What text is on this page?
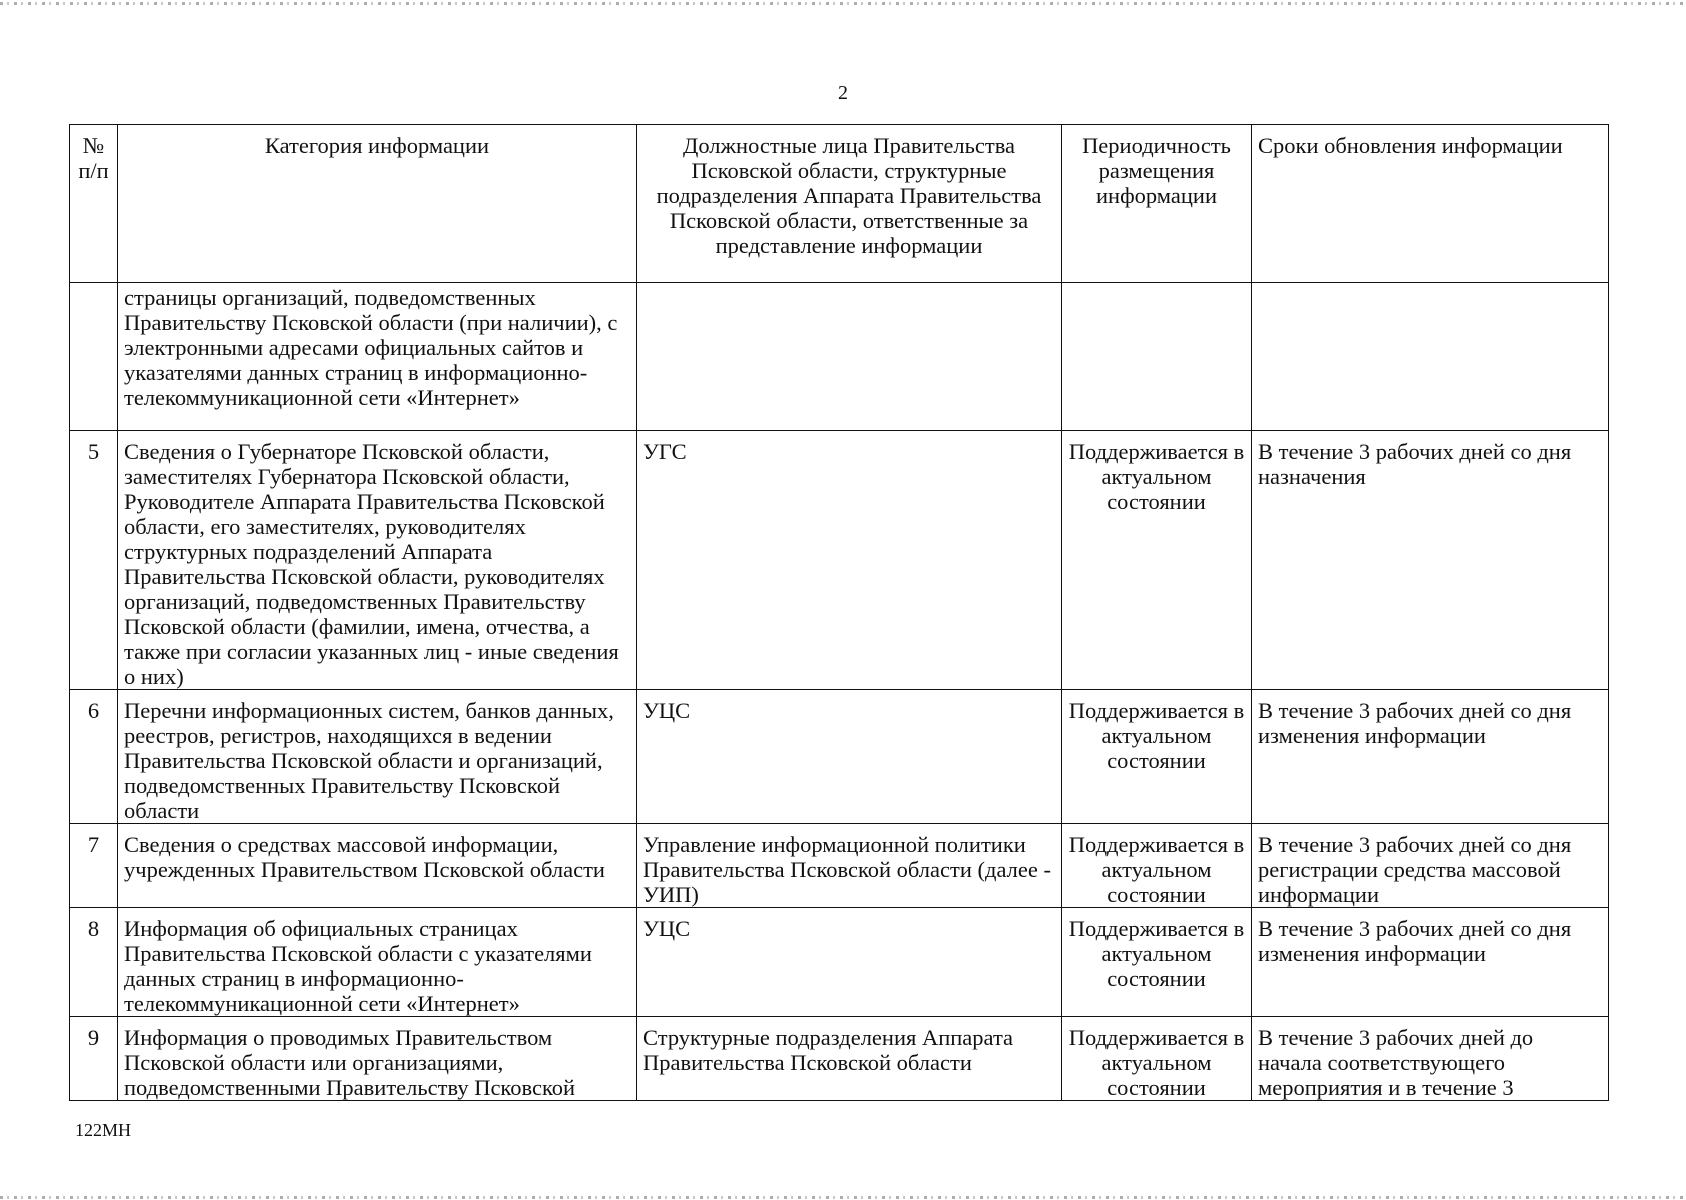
2
№ п/п	Категория информации	Должностные лица Правительства Псковской области, структурные подразделения Аппарата Правительства Псковской области, ответственные за представление информации	Периодичность размещения информации	Сроки обновления информации
	страницы организаций, подведомственных Правительству Псковской области (при наличии), с электронными адресами официальных сайтов и указателями данных страниц в информационно-телекоммуникационной сети «Интернет»			
5	Сведения о Губернаторе Псковской области, заместителях Губернатора Псковской области, Руководителе Аппарата Правительства Псковской области, его заместителях, руководителях структурных подразделений Аппарата Правительства Псковской области, руководителях организаций, подведомственных Правительству Псковской области (фамилии, имена, отчества, а также при согласии указанных лиц - иные сведения о них)	УГС	Поддерживается в актуальном состоянии	В течение 3 рабочих дней со дня назначения
6	Перечни информационных систем, банков данных, реестров, регистров, находящихся в ведении Правительства Псковской области и организаций, подведомственных Правительству Псковской области	УЦС	Поддерживается в актуальном состоянии	В течение 3 рабочих дней со дня изменения информации
7	Сведения о средствах массовой информации, учрежденных Правительством Псковской области	Управление информационной политики Правительства Псковской области (далее - УИП)	Поддерживается в актуальном состоянии	В течение 3 рабочих дней со дня регистрации средства массовой информации
8	Информация об официальных страницах Правительства Псковской области с указателями данных страниц в информационно-телекоммуникационной сети «Интернет»	УЦС	Поддерживается в актуальном состоянии	В течение 3 рабочих дней со дня изменения информации
9	Информация о проводимых Правительством Псковской области или организациями, подведомственными Правительству Псковской	Структурные подразделения Аппарата Правительства Псковской области	Поддерживается в актуальном состоянии	В течение 3 рабочих дней до начала соответствующего мероприятия и в течение 3
122МН
